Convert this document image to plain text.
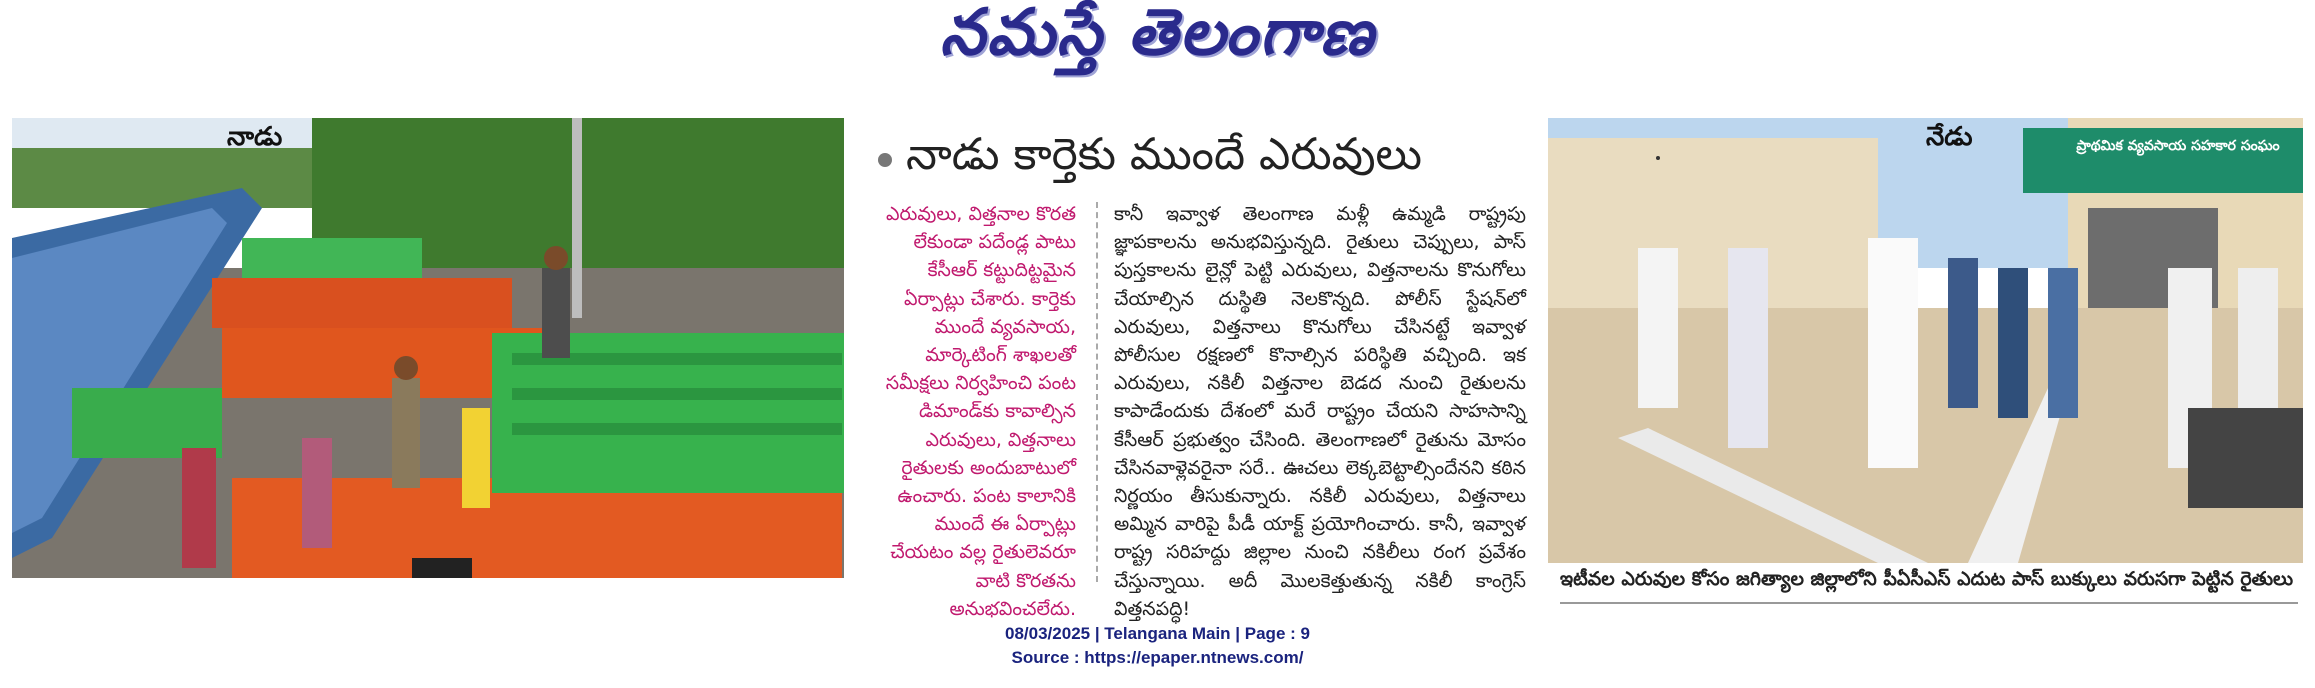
నమస్తే తెలంగాణ
నాడు	నాడు కార్తెకు ముందే ఎరువులు
ఎరువులు, విత్తనాల కొరత లేకుండా పదేండ్ల పాటు కేసీఆర్ కట్టుదిట్టమైన ఏర్పాట్లు చేశారు. కార్తెకు ముందే వ్యవసాయ, మార్కెటింగ్ శాఖలతో సమీక్షలు నిర్వహించి పంట డిమాండ్‌కు కావాల్సిన ఎరువులు, విత్తనాలు రైతులకు అందుబాటులో ఉంచారు. పంట కాలానికి ముందే ఈ ఏర్పాట్లు చేయటం వల్ల రైతులెవరూ వాటి కొరతను అనుభవించలేదు.
కానీ ఇవ్వాళ తెలంగాణ మళ్లీ ఉమ్మడి రాష్ట్రపు జ్ఞాపకాలను అనుభవిస్తున్నది. రైతులు చెప్పులు, పాస్ పుస్తకాలను లైన్లో పెట్టి ఎరువులు, విత్తనాలను కొనుగోలు చేయాల్సిన దుస్థితి నెలకొన్నది. పోలీస్ స్టేషన్‌లో ఎరువులు, విత్తనాలు కొనుగోలు చేసినట్టే ఇవ్వాళ పోలీసుల రక్షణలో కొనాల్సిన పరిస్థితి వచ్చింది. ఇక ఎరువులు, నకిలీ విత్తనాల బెడద నుంచి రైతులను కాపాడేందుకు దేశంలో మరే రాష్ట్రం చేయని సాహసాన్ని కేసీఆర్ ప్రభుత్వం చేసింది. తెలంగాణలో రైతును మోసం చేసినవాళ్లెవరైనా సరే.. ఊచలు లెక్కబెట్టాల్సిందేనని కఠిన నిర్ణయం తీసుకున్నారు. నకిలీ ఎరువులు, విత్తనాలు అమ్మిన వారిపై పీడీ యాక్ట్ ప్రయోగించారు. కానీ, ఇవ్వాళ రాష్ట్ర సరిహద్దు జిల్లాల నుంచి నకిలీలు రంగ ప్రవేశం చేస్తున్నాయి. అదీ మొలకెత్తుతున్న నకిలీ కాంగ్రెస్ విత్తనపద్ధి!
నేడు	ప్రాథమిక వ్యవసాయ సహకార సంఘం
ఇటీవల ఎరువుల కోసం జగిత్యాల జిల్లాలోని పీఏసీఎస్ ఎదుట పాస్ బుక్కులు వరుసగా పెట్టిన రైతులు
08/03/2025 | Telangana Main | Page : 9
Source : https://epaper.ntnews.com/
